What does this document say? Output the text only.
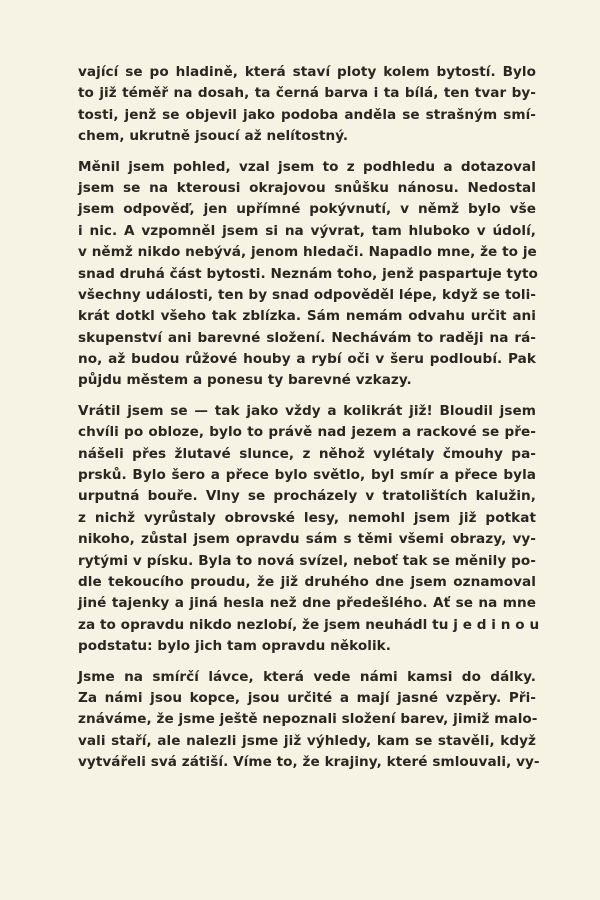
vající se po hladině, která staví ploty kolem bytostí. Bylo
to již téměř na dosah, ta černá barva i ta bílá, ten tvar by-
tosti, jenž se objevil jako podoba anděla se strašným smí-
chem, ukrutně jsoucí až nelítostný.

Měnil jsem pohled, vzal jsem to z podhledu a dotazoval
jsem se na kterousi okrajovou snůšku nánosu. Nedostal
jsem odpověď, jen upřímné pokývnutí, v němž bylo vše
i nic. A vzpomněl jsem si na vývrat, tam hluboko v údolí,
v němž nikdo nebývá, jenom hledači. Napadlo mne, že to je
snad druhá část bytosti. Neznám toho, jenž paspartuje tyto
všechny události, ten by snad odpověděl lépe, když se toli-
krát dotkl všeho tak zblízka. Sám nemám odvahu určit ani
skupenství ani barevné složení. Nechávám to raději na rá-
no, až budou růžové houby a rybí oči v šeru podloubí. Pak
půjdu městem a ponesu ty barevné vzkazy.

Vrátil jsem se — tak jako vždy a kolikrát již! Bloudil jsem
chvíli po obloze, bylo to právě nad jezem a rackové se přе-
nášeli přes žlutavé slunce, z něhož vylétaly čmouhy pa-
prsků. Bylo šero a přece bylo světlo, byl smír a přece byla
urputná bouře. Vlny se procházely v tratolištích kalužin,
z nichž vyrůstaly obrovské lesy, nemohl jsem již potkat
nikoho, zůstal jsem opravdu sám s těmi všemi obrazy, vy-
rytými v písku. Byla to nová svízel, neboť tak se měnily po-
dle tekoucího proudu, že již druhého dne jsem oznamoval
jiné tajenky a jiná hesla než dne předešlého. Ať se na mne
za to opravdu nikdo nezlobí, že jsem neuhádl tu j e d i n o u
podstatu: bylo jich tam opravdu několik.

Jsme na smírčí lávce, která vede námi kamsi do dálky.
Za námi jsou kopce, jsou určité a mají jasné vzpěry. Při-
znáváme, že jsme ještě nepoznali složení barev, jimiž malo-
vali staří, ale nalezli jsme již výhledy, kam se stavěli, když
vytvářeli svá zátiší. Víme to, že krajiny, které smlouvali, vy-
